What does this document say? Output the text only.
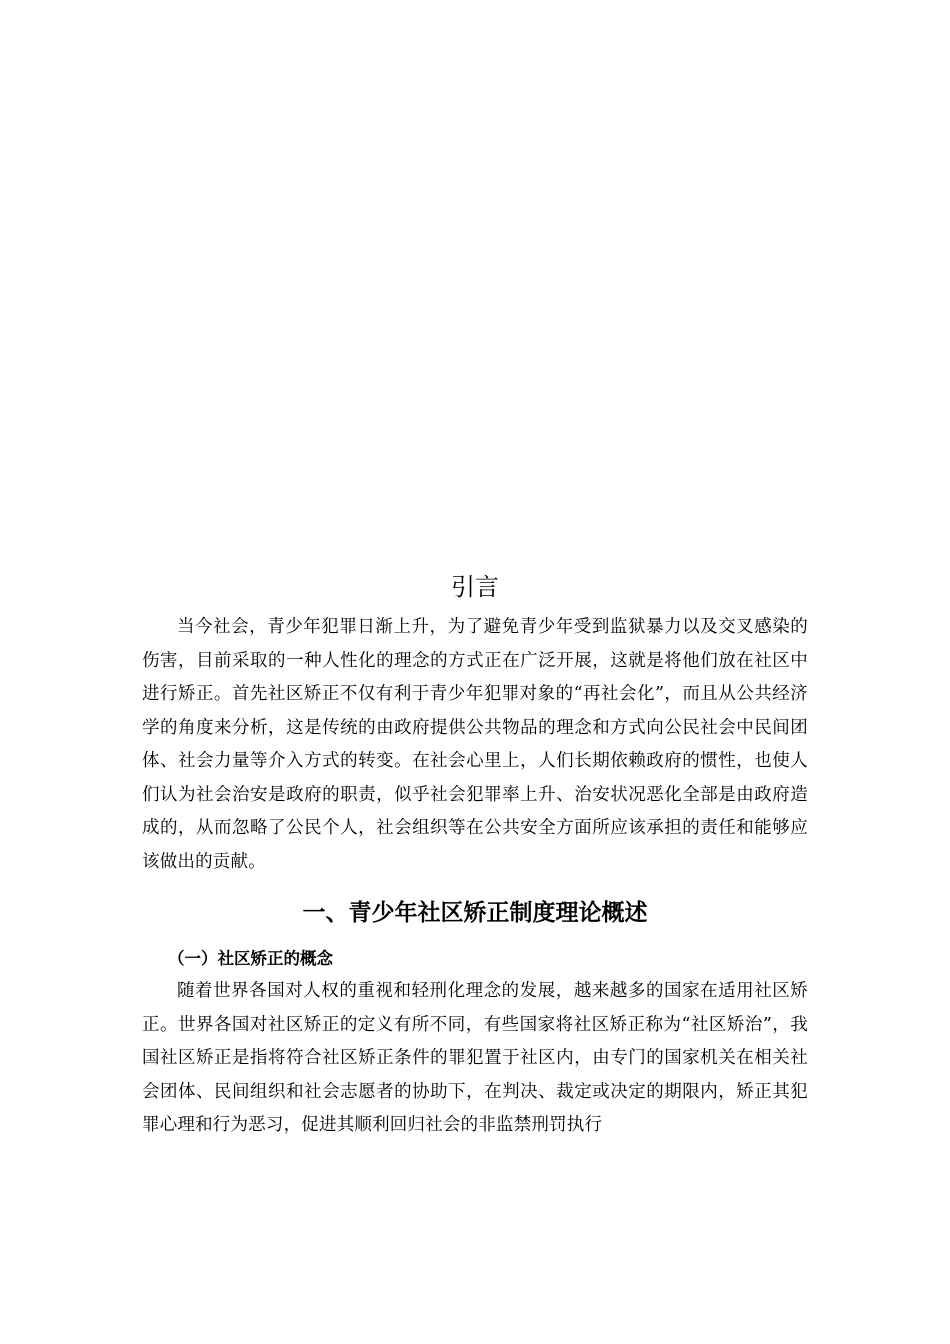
引言

当今社会，青少年犯罪日渐上升，为了避免青少年受到监狱暴力以及交叉感染的伤害，目前采取的一种人性化的理念的方式正在广泛开展，这就是将他们放在社区中进行矫正。首先社区矫正不仅有利于青少年犯罪对象的“再社会化”，而且从公共经济学的角度来分析，这是传统的由政府提供公共物品的理念和方式向公民社会中民间团体、社会力量等介入方式的转变。在社会心里上，人们长期依赖政府的惯性，也使人们认为社会治安是政府的职责，似乎社会犯罪率上升、治安状况恶化全部是由政府造成的，从而忽略了公民个人，社会组织等在公共安全方面所应该承担的责任和能够应该做出的贡献。

一、青少年社区矫正制度理论概述
（一）社区矫正的概念

随着世界各国对人权的重视和轻刑化理念的发展，越来越多的国家在适用社区矫正。世界各国对社区矫正的定义有所不同，有些国家将社区矫正称为“社区矫治”，我国社区矫正是指将符合社区矫正条件的罪犯置于社区内，由专门的国家机关在相关社会团体、民间组织和社会志愿者的协助下，在判决、裁定或决定的期限内，矫正其犯罪心理和行为恶习，促进其顺利回归社会的非监禁刑罚执行
